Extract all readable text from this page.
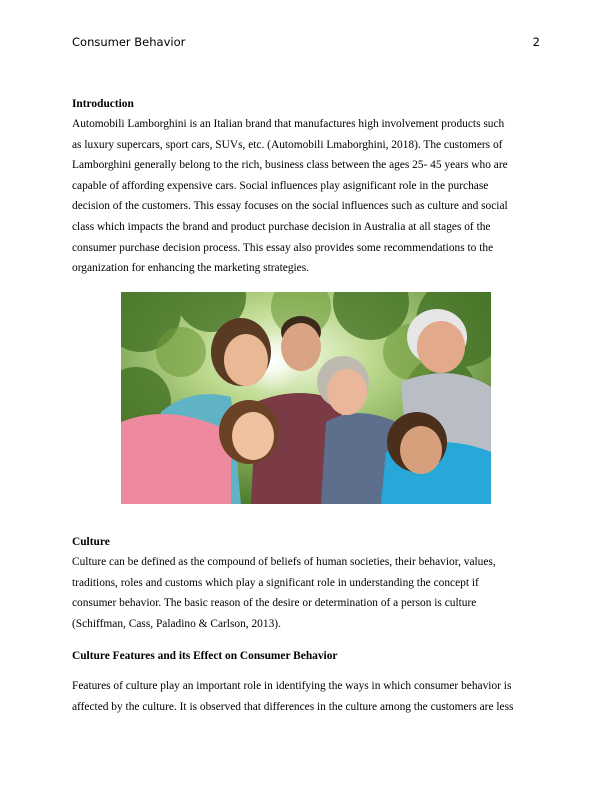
Consumer Behavior	2
Introduction
Automobili Lamborghini is an Italian brand that manufactures high involvement products such
as luxury supercars, sport cars, SUVs, etc. (Automobili Lmaborghini, 2018). The customers of
Lamborghini generally belong to the rich, business class between the ages 25- 45 years who are
capable of affording expensive cars. Social influences play asignificant role in the purchase
decision of the customers. This essay focuses on the social influences such as culture and social
class which impacts the brand and product purchase decision in Australia at all stages of the
consumer purchase decision process. This essay also provides some recommendations to the
organization for enhancing the marketing strategies.
Culture
Culture can be defined as the compound of beliefs of human societies, their behavior, values,
traditions, roles and customs which play a significant role in understanding the concept if
consumer behavior. The basic reason of the desire or determination of a person is culture
(Schiffman, Cass, Paladino & Carlson, 2013).
Culture Features and its Effect on Consumer Behavior
Features of culture play an important role in identifying the ways in which consumer behavior is
affected by the culture. It is observed that differences in the culture among the customers are less
